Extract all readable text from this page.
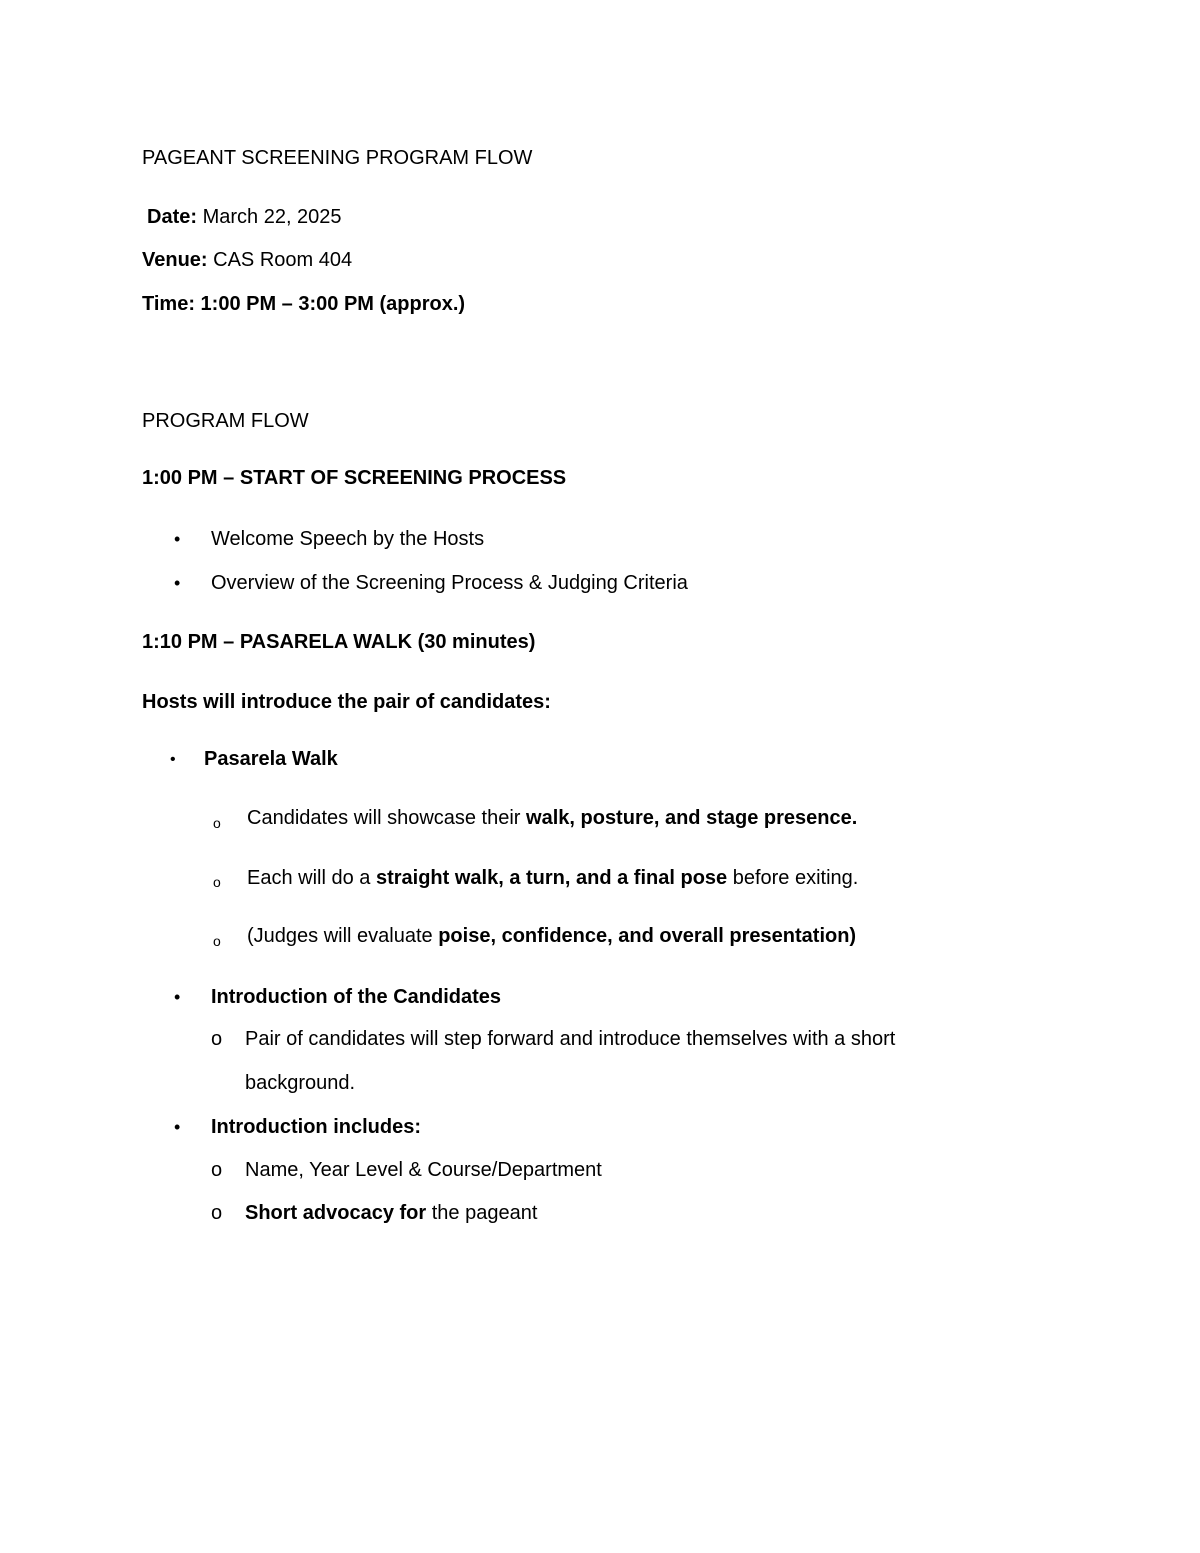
PAGEANT SCREENING PROGRAM FLOW
Date: March 22, 2025
Venue: CAS Room 404
Time: 1:00 PM – 3:00 PM (approx.)
PROGRAM FLOW
1:00 PM – START OF SCREENING PROCESS
• Welcome Speech by the Hosts
• Overview of the Screening Process & Judging Criteria
1:10 PM – PASARELA WALK (30 minutes)
Hosts will introduce the pair of candidates:
• Pasarela Walk
o Candidates will showcase their walk, posture, and stage presence.
o Each will do a straight walk, a turn, and a final pose before exiting.
o (Judges will evaluate poise, confidence, and overall presentation)
• Introduction of the Candidates
o Pair of candidates will step forward and introduce themselves with a short
background.
• Introduction includes:
o Name, Year Level & Course/Department
o Short advocacy for the pageant
